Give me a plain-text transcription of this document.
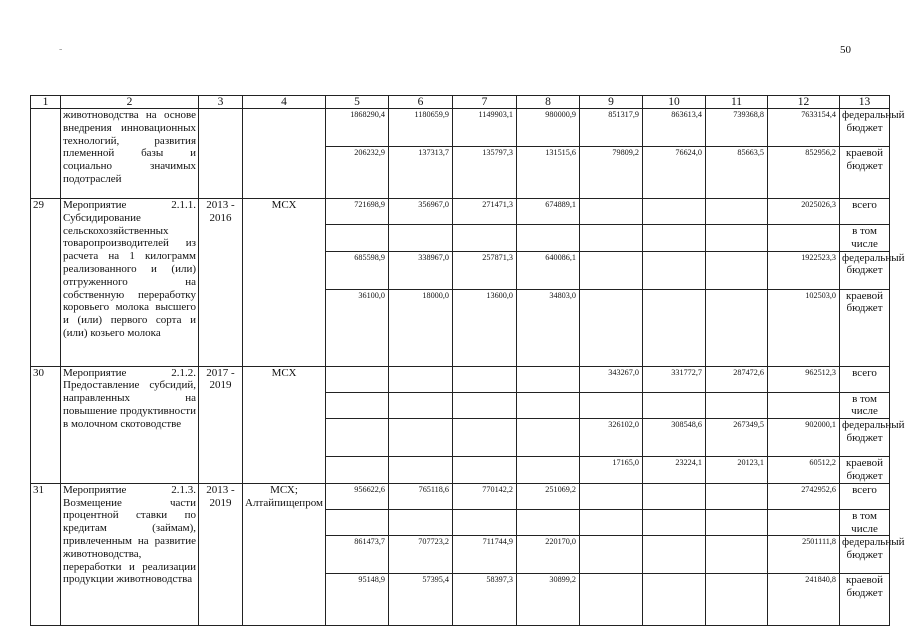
50
-
1	2	3	4	5	6	7	8	9	10	11	12	13
	животноводства на основе внедрения инновационных технологий, развития племенной базы и социально значимых подотраслей			1868290,4	1180659,9	1149903,1	980000,9	851317,9	863613,4	739368,8	7633154,4	федеральный бюджет
				206232,9	137313,7	135797,3	131515,6	79809,2	76624,0	85663,5	852956,2	краевой бюджет
29	Мероприятие 2.1.1. Субсидирование сельскохозяйственных товаропроизводителей из расчета на 1 килограмм реализованного и (или) отгруженного на собственную переработку коровьего молока высшего и (или) первого сорта и (или) козьего молока	2013 - 2016	МСХ	721698,9	356967,0	271471,3	674889,1				2025026,3	всего
												в том числе
				685598,9	338967,0	257871,3	640086,1				1922523,3	федеральный бюджет
				36100,0	18000,0	13600,0	34803,0				102503,0	краевой бюджет
30	Мероприятие 2.1.2. Предоставление субсидий, направленных на повышение продуктивности в молочном скотоводстве	2017 - 2019	МСХ					343267,0	331772,7	287472,6	962512,3	всего
												в том числе
								326102,0	308548,6	267349,5	902000,1	федеральный бюджет
								17165,0	23224,1	20123,1	60512,2	краевой бюджет
31	Мероприятие 2.1.3. Возмещение части процентной ставки по кредитам (займам), привлеченным на развитие животноводства, переработки и реализации продукции животноводства	2013 - 2019	МСХ; Алтайпищепром	956622,6	765118,6	770142,2	251069,2				2742952,6	всего
												в том числе
				861473,7	707723,2	711744,9	220170,0				2501111,8	федеральный бюджет
				95148,9	57395,4	58397,3	30899,2				241840,8	краевой бюджет
